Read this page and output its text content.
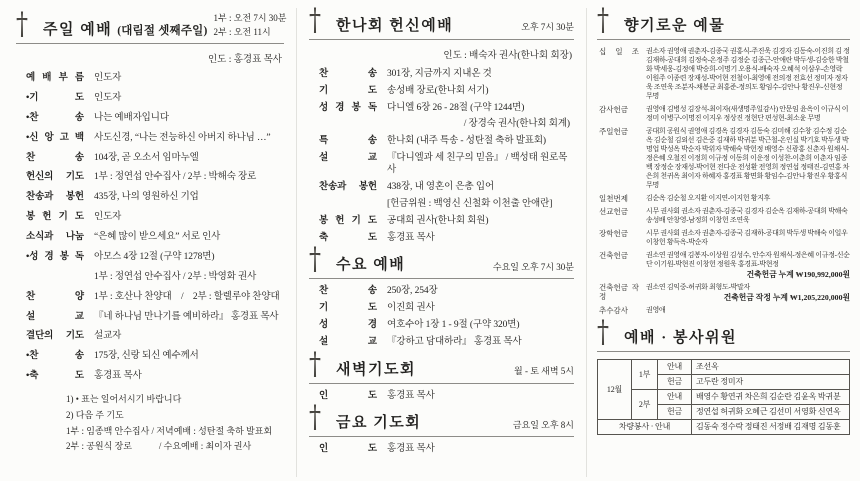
† 주일 예배 (대림절 셋째주일)
1부 : 오전 7시 30분
2부 : 오전 11시
인도 : 홍경표 목사
예 배 부 름 인도자
•기 도 인도자
•찬 송 나는 예배자입니다
•신 앙 고 백 사도신경, “나는 전능하신 아버지 하나님 …”
찬 송 104장, 곧 오소서 임마누엘
헌신의 기도 1부 : 정연섭 안수집사 / 2부 : 박해숙 장로
찬송과 봉헌 435장, 나의 영원하신 기업
봉 헌 기 도 인도자
소식과 나눔 “은혜 많이 받으세요” 서로 인사
•성 경 봉 독 아모스 4장 12절 (구약 1278면)
1부 : 정연섭 안수집사 / 2부 : 박영화 권사
찬 양 1부 : 호산나 찬양대　/　2부 : 할렐루야 찬양대
설 교 『네 하나님 만나기를 예비하라』 홍경표 목사
결단의 기도 설교자
•찬 송 175장, 신랑 되신 예수께서
•축 도 홍경표 목사
1) • 표는 일어서시기 바랍니다
2) 다음 주 기도
1부 : 임종백 안수집사 / 저녁예배 : 성탄절 축하 발표회
2부 : 공원식 장로　　　/ 수요예배 : 최이자 권사
† 한나회 헌신예배	오후 7시 30분
인도 : 배숙자 권사(한나회 회장)
찬 송 301장, 지금까지 지내온 것
기 도 송성배 장로(한나회 서기)
성 경 봉 독 다니엘 6장 26 - 28절 (구약 1244면)
/ 장경숙 권사(한나회 회계)
특 송 한나회 (내주 특송 - 성탄절 축하 발표회)
설 교 『다니엘과 세 친구의 믿음』 / 백성태 원로목사
찬송과 봉헌 438장, 내 영혼이 은총 입어
[헌금위원 : 백영신 신철화 이천출 안애란]
봉 헌 기 도 공대희 권사(한나회 회원)
축 도 홍경표 목사
† 수요 예배	수요일 오후 7시 30분
찬 송 250장, 254장
기 도 이진희 권사
성 경 여호수아 1장 1 - 9절 (구약 320면)
설 교 『강하고 담대하라』 홍경표 목사
† 새벽기도회	월 - 토 새벽 5시
인 도 홍경표 목사
† 금요 기도회	금요일 오후 8시
인 도 홍경표 목사
† 향기로운 예물
십 일 조 권소자 권영애 권춘자-김종국 권홍식-주진욱 김경자 김동숙-이진희 김 정 김재하-공대희 김정숙-온정주 김정순 김종근-안애란 박두생-김승한 박철화 박세웅-김정애 박승희-이명기 오용식-배숙자 오혜석 이삼우-손영락 이원주 이종련 장재성-박어현 전철이-최영애 전의정 전효선 정미자 정자욱 조연욱 조분자-채봉균 최홍준-정의도 황임수-김안나 황진우-신현정 무명
감사헌금	권영애 김병성 김장석-최이자(새생명주일감사) 안문임 윤옥이 이규식 이정미 이병구-이명진 이지우 정상진 정현단 편성현-최소윤 무명
주일헌금	공대희 공원식 권영애 김경옥 김경자 김동숙 김미해 김수창 김수정 김순옥 김순철 김외선 김은중 김재하 박귀분 박근철-온인실 박기호 박두생 박명업 박성옥 박순자 박위자 박해숙 박헌정 배영수 신광홍 신춘자 원채식-정은혜 오철진 이정희 이규정 이동희 이운정 이성찬-이춘희 이춘자 임종백 장정순 장재성-박어현 전다운 전성환 전영희 정연섭 정태진-김연홍 차은희 천귀옥 최이자 하혜자 홍경표 황면화 황임수-김안나 황진우 황홍식 무명
일천번제	김순옥 김순철 오지환 이지연-이지헌 황지후
선교헌금	시무 권사회 권소자 권춘자-김종국 김경자 김순옥 김재하-공대희 박해숙 송성배 안창영-남정희 이창헌 조연욱
장학헌금	시무 권사회 권소자 권춘자-김종국 김재하-공대희 박두생 박해숙 이일우 이창헌 황득옥-박순자
건축헌금	권소연 권영애 김봉자-이상원 김성수, 안수자 원채식-정은혜 이규정-신순단 이기원-박현진 이창헌 정원욱 홍경표-박현정
건축헌금 누계 ₩190,992,000원
건축헌금 작 정
권소연 김익중-허귀화 최형도-박말자
건축헌금 작정 누계 ₩1,205,220,000원
추수감사	권영애
† 예배 · 봉사위원
12월	1부	안내	조선옥
		헌금	고두란 정미자
	2부	안내	배영수 황연귀 차은희 김순란 김윤옥 박귀분
		헌금	정연섭 허귀화 오혜근 김선미 서영화 신연옥
차량봉사 · 안내			김동숙 정수락 정태진 서정배 김재명 김동훈
